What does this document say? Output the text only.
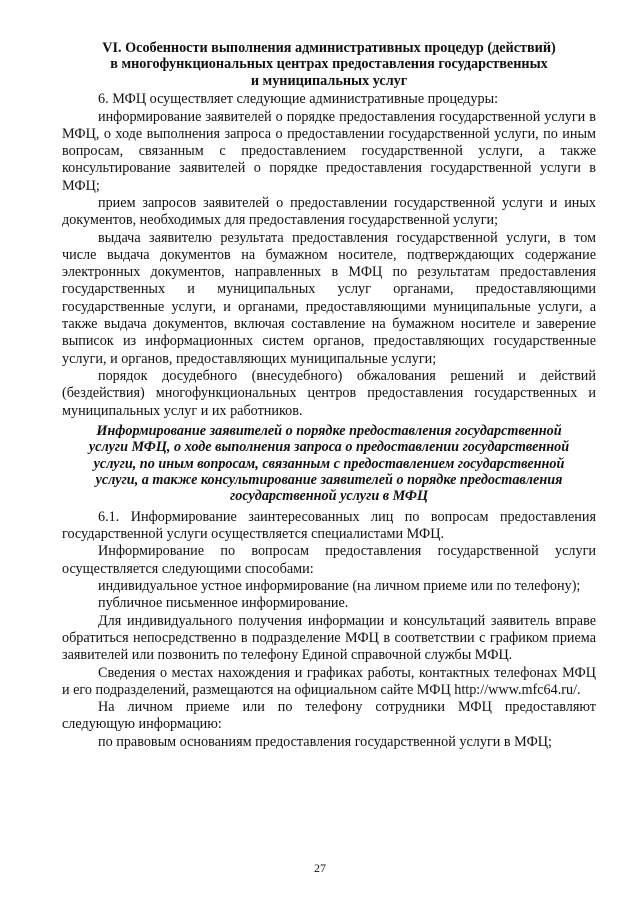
VI. Особенности выполнения административных процедур (действий)
в многофункциональных центрах предоставления государственных
и муниципальных услуг

6. МФЦ осуществляет следующие административные процедуры:

информирование заявителей о порядке предоставления государственной услуги в МФЦ, о ходе выполнения запроса о предоставлении государственной услуги, по иным вопросам, связанным с предоставлением государственной услуги, а также консультирование заявителей о порядке предоставления государственной услуги в МФЦ;

прием запросов заявителей о предоставлении государственной услуги и иных документов, необходимых для предоставления государственной услуги;

выдача заявителю результата предоставления государственной услуги, в том числе выдача документов на бумажном носителе, подтверждающих содержание электронных документов, направленных в МФЦ по результатам предоставления государственных и муниципальных услуг органами, предоставляющими государственные услуги, и органами, предоставляющими муниципальные услуги, а также выдача документов, включая составление на бумажном носителе и заверение выписок из информационных систем органов, предоставляющих государственные услуги, и органов, предоставляющих муниципальные услуги;

порядок досудебного (внесудебного) обжалования решений и действий (бездействия) многофункциональных центров предоставления государственных и муниципальных услуг и их работников.

Информирование заявителей о порядке предоставления государственной
услуги МФЦ, о ходе выполнения запроса о предоставлении государственной
услуги, по иным вопросам, связанным с предоставлением государственной
услуги, а также консультирование заявителей о порядке предоставления
государственной услуги в МФЦ

6.1. Информирование заинтересованных лиц по вопросам предоставления государственной услуги осуществляется специалистами МФЦ.

Информирование по вопросам предоставления государственной услуги осуществляется следующими способами:

индивидуальное устное информирование (на личном приеме или по телефону);

публичное письменное информирование.

Для индивидуального получения информации и консультаций заявитель вправе обратиться непосредственно в подразделение МФЦ в соответствии с графиком приема заявителей или позвонить по телефону Единой справочной службы МФЦ.

Сведения о местах нахождения и графиках работы, контактных телефонах МФЦ и его подразделений, размещаются на официальном сайте МФЦ http://www.mfc64.ru/.

На личном приеме или по телефону сотрудники МФЦ предоставляют следующую информацию:

по правовым основаниям предоставления государственной услуги в МФЦ;

27
